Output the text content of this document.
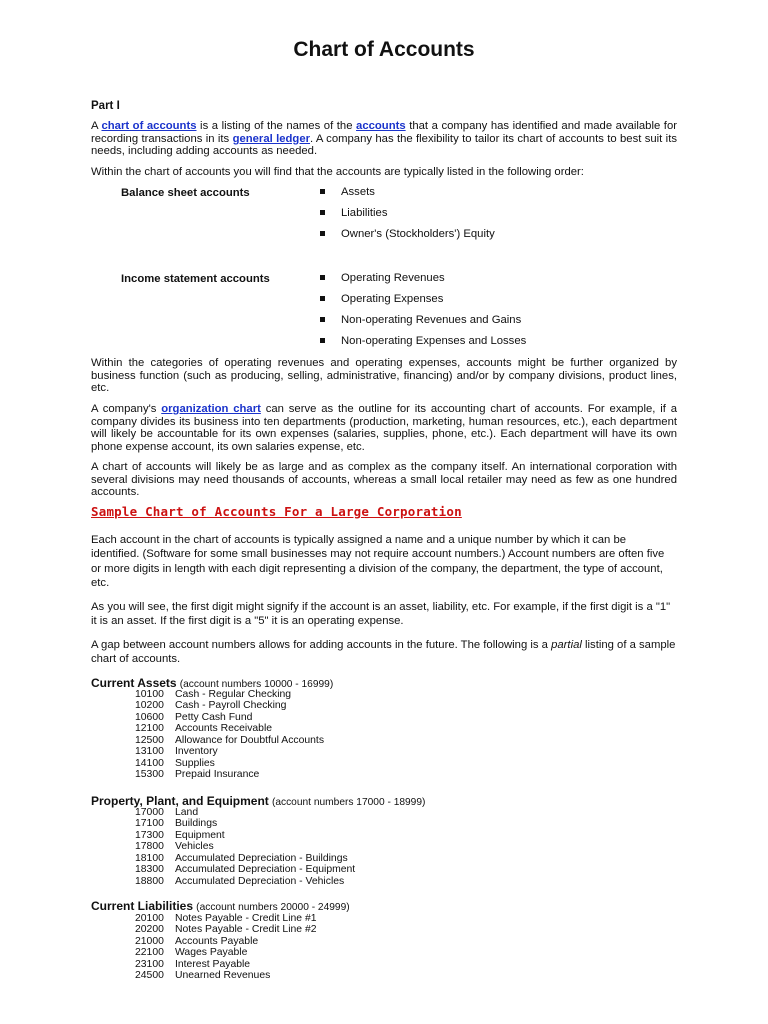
Chart of Accounts
Part I
A chart of accounts is a listing of the names of the accounts that a company has identified and made available for recording transactions in its general ledger. A company has the flexibility to tailor its chart of accounts to best suit its needs, including adding accounts as needed.
Within the chart of accounts you will find that the accounts are typically listed in the following order:
Balance sheet accounts	Assets
Liabilities
Owner's (Stockholders') Equity
Income statement accounts	Operating Revenues
Operating Expenses
Non-operating Revenues and Gains
Non-operating Expenses and Losses
Within the categories of operating revenues and operating expenses, accounts might be further organized by business function (such as producing, selling, administrative, financing) and/or by company divisions, product lines, etc.
A company's organization chart can serve as the outline for its accounting chart of accounts. For example, if a company divides its business into ten departments (production, marketing, human resources, etc.), each department will likely be accountable for its own expenses (salaries, supplies, phone, etc.). Each department will have its own phone expense account, its own salaries expense, etc.
A chart of accounts will likely be as large and as complex as the company itself. An international corporation with several divisions may need thousands of accounts, whereas a small local retailer may need as few as one hundred accounts.
Sample Chart of Accounts For a Large Corporation
Each account in the chart of accounts is typically assigned a name and a unique number by which it can be identified. (Software for some small businesses may not require account numbers.) Account numbers are often five or more digits in length with each digit representing a division of the company, the department, the type of account, etc.
As you will see, the first digit might signify if the account is an asset, liability, etc. For example, if the first digit is a "1" it is an asset. If the first digit is a "5" it is an operating expense.
A gap between account numbers allows for adding accounts in the future. The following is a partial listing of a sample chart of accounts.
Current Assets (account numbers 10000 - 16999)
10100 Cash - Regular Checking
10200 Cash - Payroll Checking
10600 Petty Cash Fund
12100 Accounts Receivable
12500 Allowance for Doubtful Accounts
13100 Inventory
14100 Supplies
15300 Prepaid Insurance
Property, Plant, and Equipment (account numbers 17000 - 18999)
17000 Land
17100 Buildings
17300 Equipment
17800 Vehicles
18100 Accumulated Depreciation - Buildings
18300 Accumulated Depreciation - Equipment
18800 Accumulated Depreciation - Vehicles
Current Liabilities (account numbers 20000 - 24999)
20100 Notes Payable - Credit Line #1
20200 Notes Payable - Credit Line #2
21000 Accounts Payable
22100 Wages Payable
23100 Interest Payable
24500 Unearned Revenues
